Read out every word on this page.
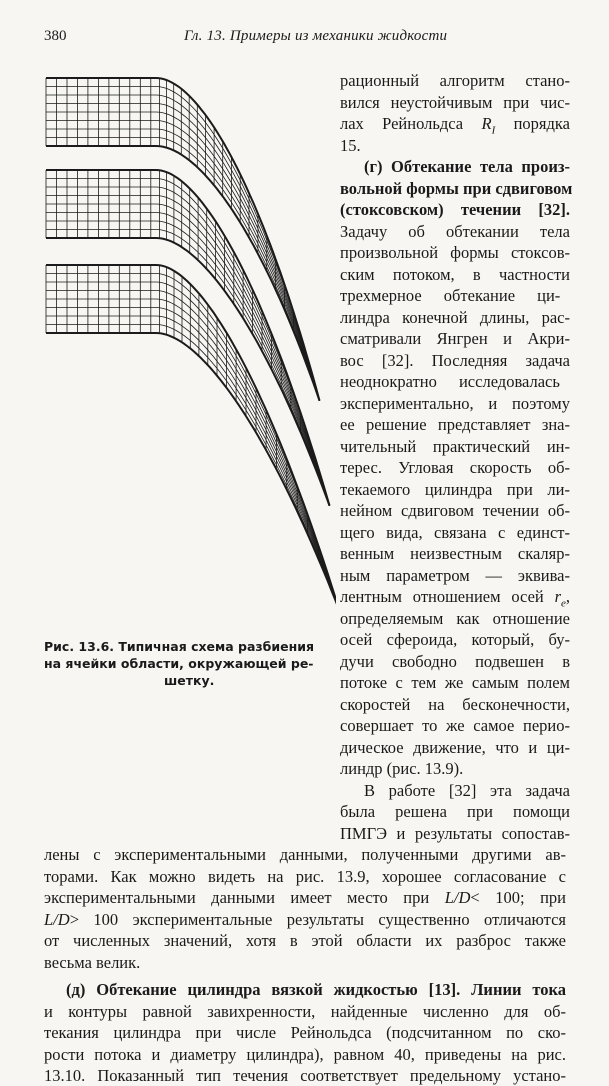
380	Гл. 13. Примеры из механики жидкости
Рис. 13.6. Типичная схема разбиения
на ячейки области, окружающей ре-
шетку.
рационный алгоритм стано-
вился неустойчивым при чис-
лах Рейнольдса $R_I$ порядка
15.
(г) Обтекание тела произ-
вольной формы при сдвиговом
(стоксовском) течении [32].
Задачу об обтекании тела
произвольной формы стоксов-
ским потоком, в частности
трехмерное обтекание ци-
линдра конечной длины, рас-
сматривали Янгрен и Акри-
вос [32]. Последняя задача
неоднократно исследовалась
экспериментально, и поэтому
ее решение представляет зна-
чительный практический ин-
терес. Угловая скорость об-
текаемого цилиндра при ли-
нейном сдвиговом течении об-
щего вида, связана с единст-
венным неизвестным скаляр-
ным параметром — эквива-
лентным отношением осей $r_e$,
определяемым как отношение
осей сфероида, который, бу-
дучи свободно подвешен в
потоке с тем же самым полем
скоростей на бесконечности,
совершает то же самое перио-
дическое движение, что и ци-
линдр (рис. 13.9).
В работе [32] эта задача
была решена при помощи
ПМГЭ и результаты сопостав-
лены с экспериментальными данными, полученными другими ав-
торами. Как можно видеть на рис. 13.9, хорошее согласование с
экспериментальными данными имеет место при L/D< 100; при
L/D> 100 экспериментальные результаты существенно отличаются
от численных значений, хотя в этой области их разброс также
весьма велик.
(д) Обтекание цилиндра вязкой жидкостью [13]. Линии тока
и контуры равной завихренности, найденные численно для об-
текания цилиндра при числе Рейнольдса (подсчитанном по ско-
рости потока и диаметру цилиндра), равном 40, приведены на рис.
13.10. Показанный тип течения соответствует предельному устано-
